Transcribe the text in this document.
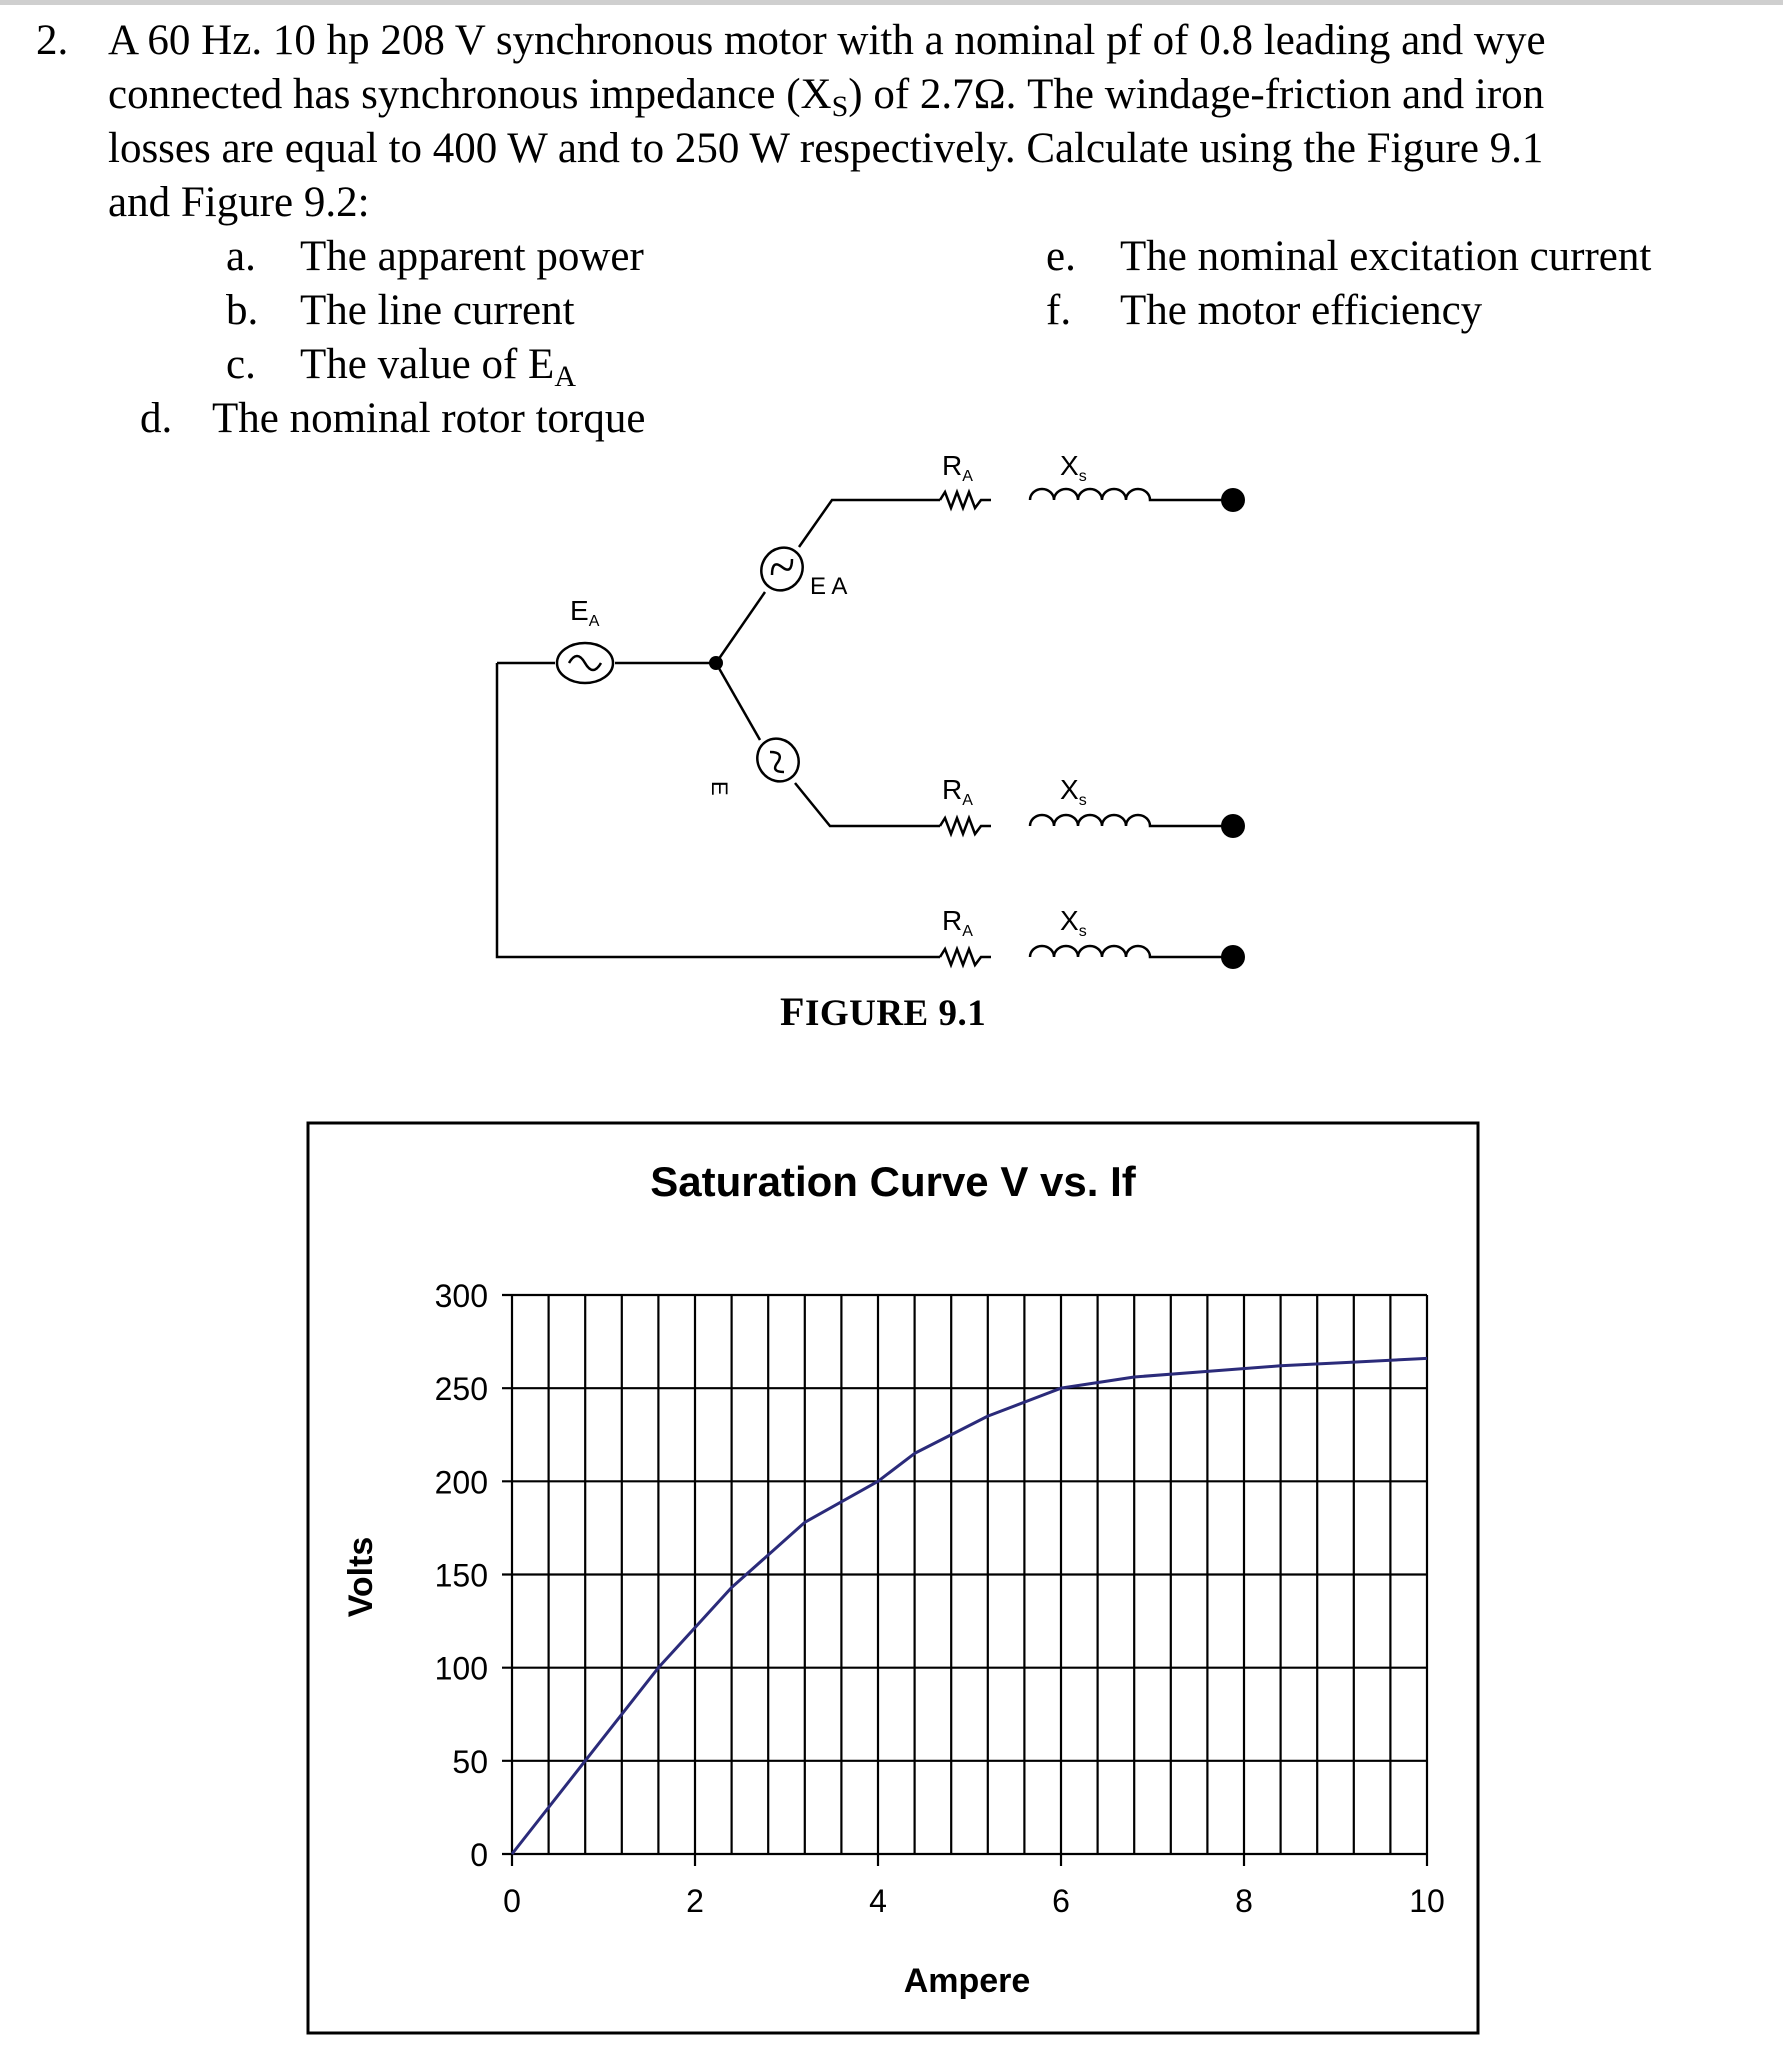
2. A 60 Hz. 10 hp 208 V synchronous motor with a nominal pf of 0.8 leading and wye
connected has synchronous impedance $(X_S)$ of 2.7Ω. The windage-friction and iron
losses are equal to 400 W and to 250 W respectively. Calculate using the Figure 9.1
and Figure 9.2:
a. The apparent power
b. The line current
c. The value of $E_A$
d. The nominal rotor torque
e. The nominal excitation current
f. The motor efficiency
$E_A$
E A
E
$R_A$	$X_s$
$R_A$	$X_s$
$R_A$	$X_s$
FIGURE 9.1
Saturation Curve V vs. If
Volts
Ampere
0
50
100
150
200
250
300
0	2	4	6	8	10
